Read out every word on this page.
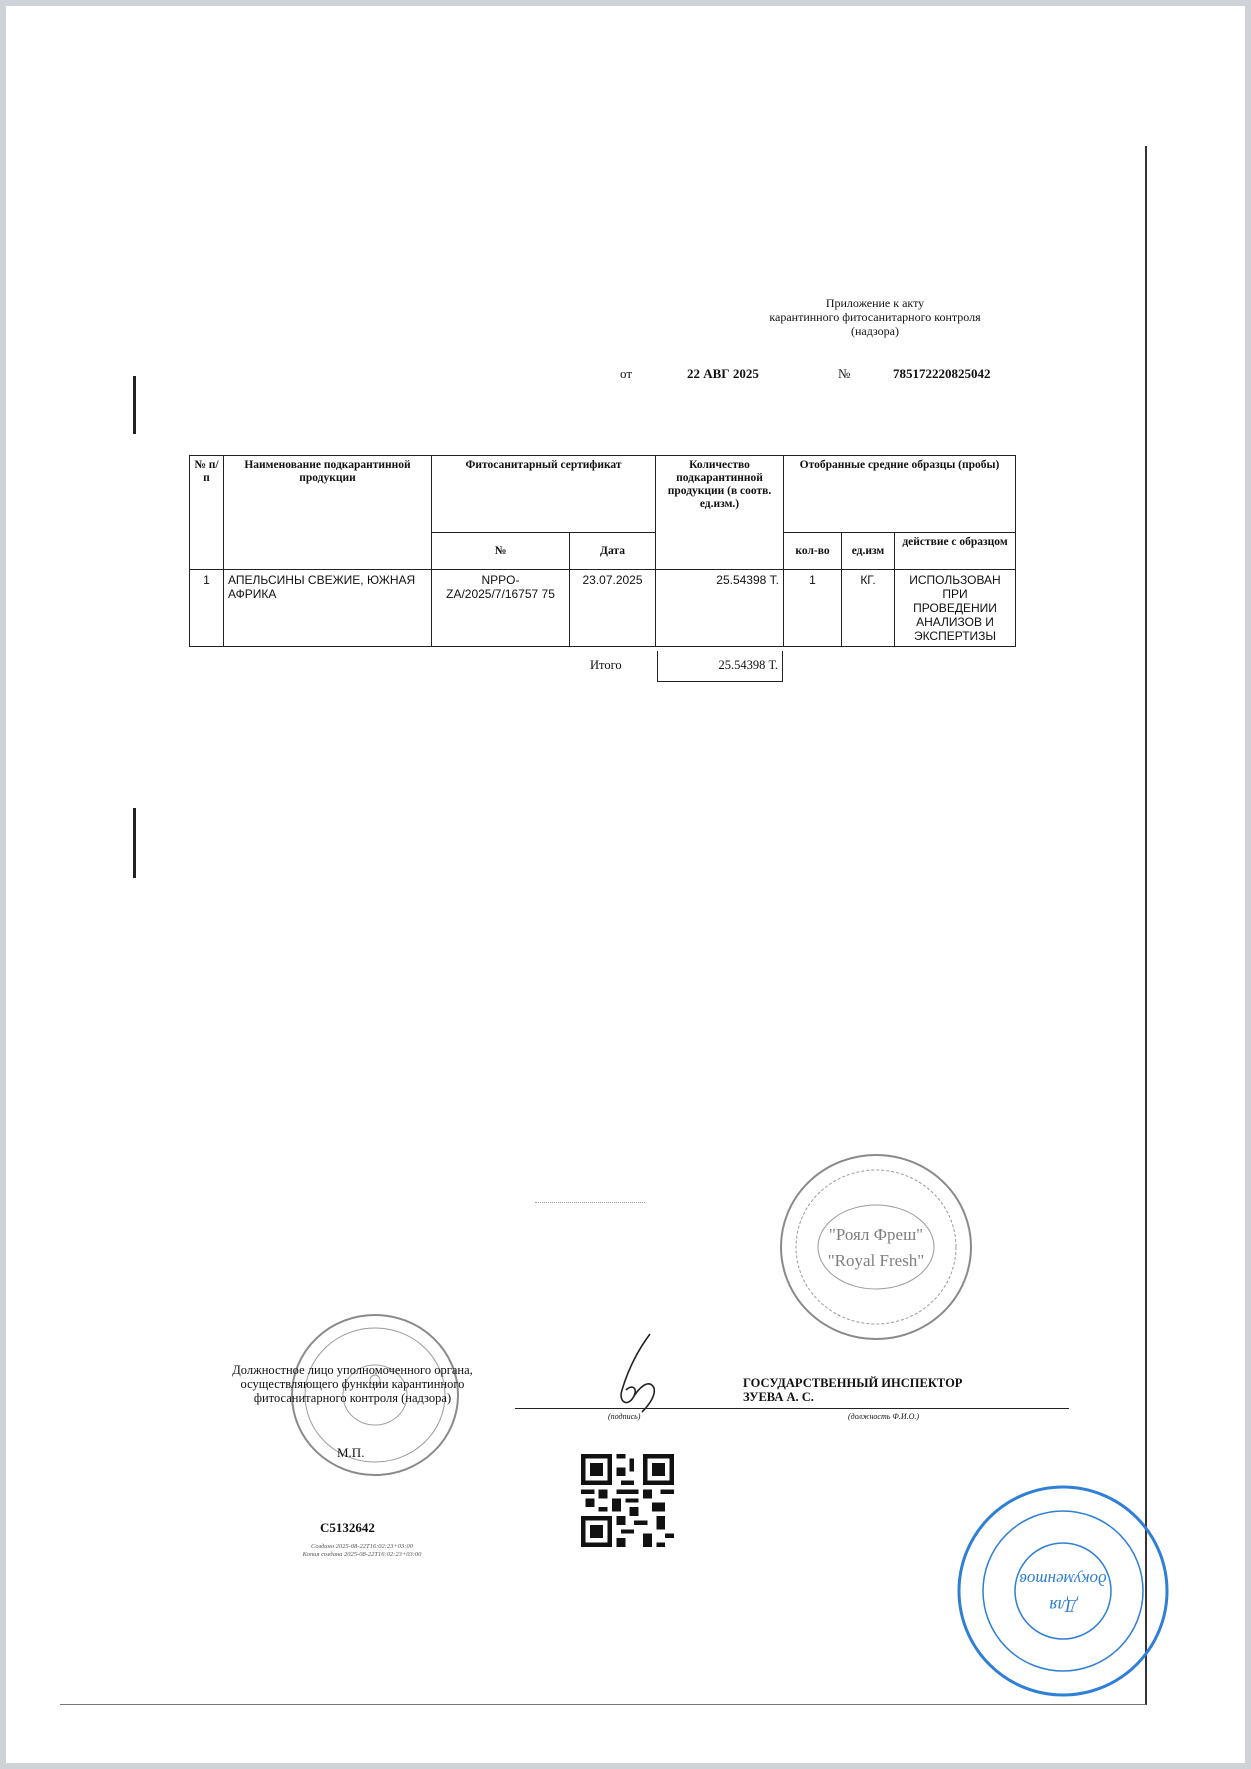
Приложение к акту
карантинного фитосанитарного контроля
(надзора)
от	22 АВГ 2025	№	785172220825042
№ п/п	Наименование подкарантинной продукции	Фитосанитарный сертификат		Количество подкарантинной продукции (в соотв. ед.изм.)	Отобранные средние образцы (пробы)		
		№	Дата		кол-во	ед.изм	действие с образцом
1	АПЕЛЬСИНЫ СВЕЖИЕ, ЮЖНАЯ АФРИКА	NPPO-ZA/2025/7/16757 75	23.07.2025	25.54398 Т.	1	КГ.	ИСПОЛЬЗОВАН ПРИ ПРОВЕДЕНИИ АНАЛИЗОВ И ЭКСПЕРТИЗЫ
Итого	25.54398 Т.
"Роял Фреш"
"Royal Fresh"
Должностное лицо уполномоченного органа, осуществляющего функции карантинного фитосанитарного контроля (надзора)
М.П.
(подпись)	(должность Ф.И.О.)
ГОСУДАРСТВЕННЫЙ ИНСПЕКТОР
ЗУЕВА А. С.
C5132642
Создано 2025-08-22Т16:02:23+03:00
Копия создана 2025-08-22Т16:02:23+03:00
Для
документов
